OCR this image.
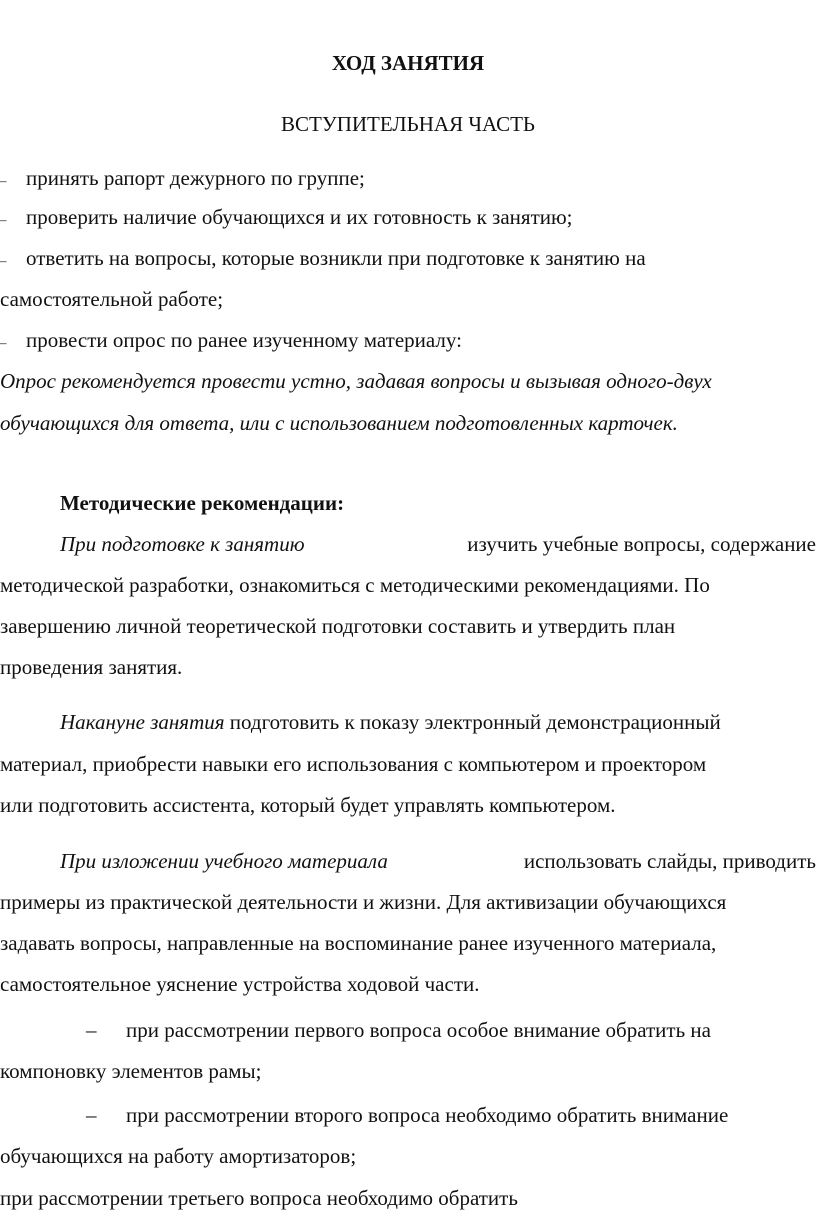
ХОД ЗАНЯТИЯ
ВСТУПИТЕЛЬНАЯ ЧАСТЬ
– принять рапорт дежурного по группе;
– проверить наличие обучающихся и их готовность к занятию;
– ответить на вопросы, которые возникли при подготовке к занятию на
самостоятельной работе;
– провести опрос по ранее изученному материалу:
Опрос рекомендуется провести устно, задавая вопросы и вызывая одного-двух
обучающихся для ответа, или с использованием подготовленных карточек.
Методические рекомендации:
При подготовке к занятию	изучить учебные вопросы, содержание
методической разработки, ознакомиться с методическими рекомендациями. По
завершению личной теоретической подготовки составить и утвердить план
проведения занятия.
Накануне занятия подготовить к показу электронный демонстрационный
материал, приобрести навыки его использования с компьютером и проектором
или подготовить ассистента, который будет управлять компьютером.
При изложении учебного материала	использовать слайды, приводить
примеры из практической деятельности и жизни. Для активизации обучающихся
задавать вопросы, направленные на воспоминание ранее изученного материала,
самостоятельное уяснение устройства ходовой части.
– при рассмотрении первого вопроса особое внимание обратить на
компоновку элементов рамы;
– при рассмотрении второго вопроса необходимо обратить внимание
обучающихся на работу амортизаторов;
при рассмотрении третьего вопроса необходимо обратить
